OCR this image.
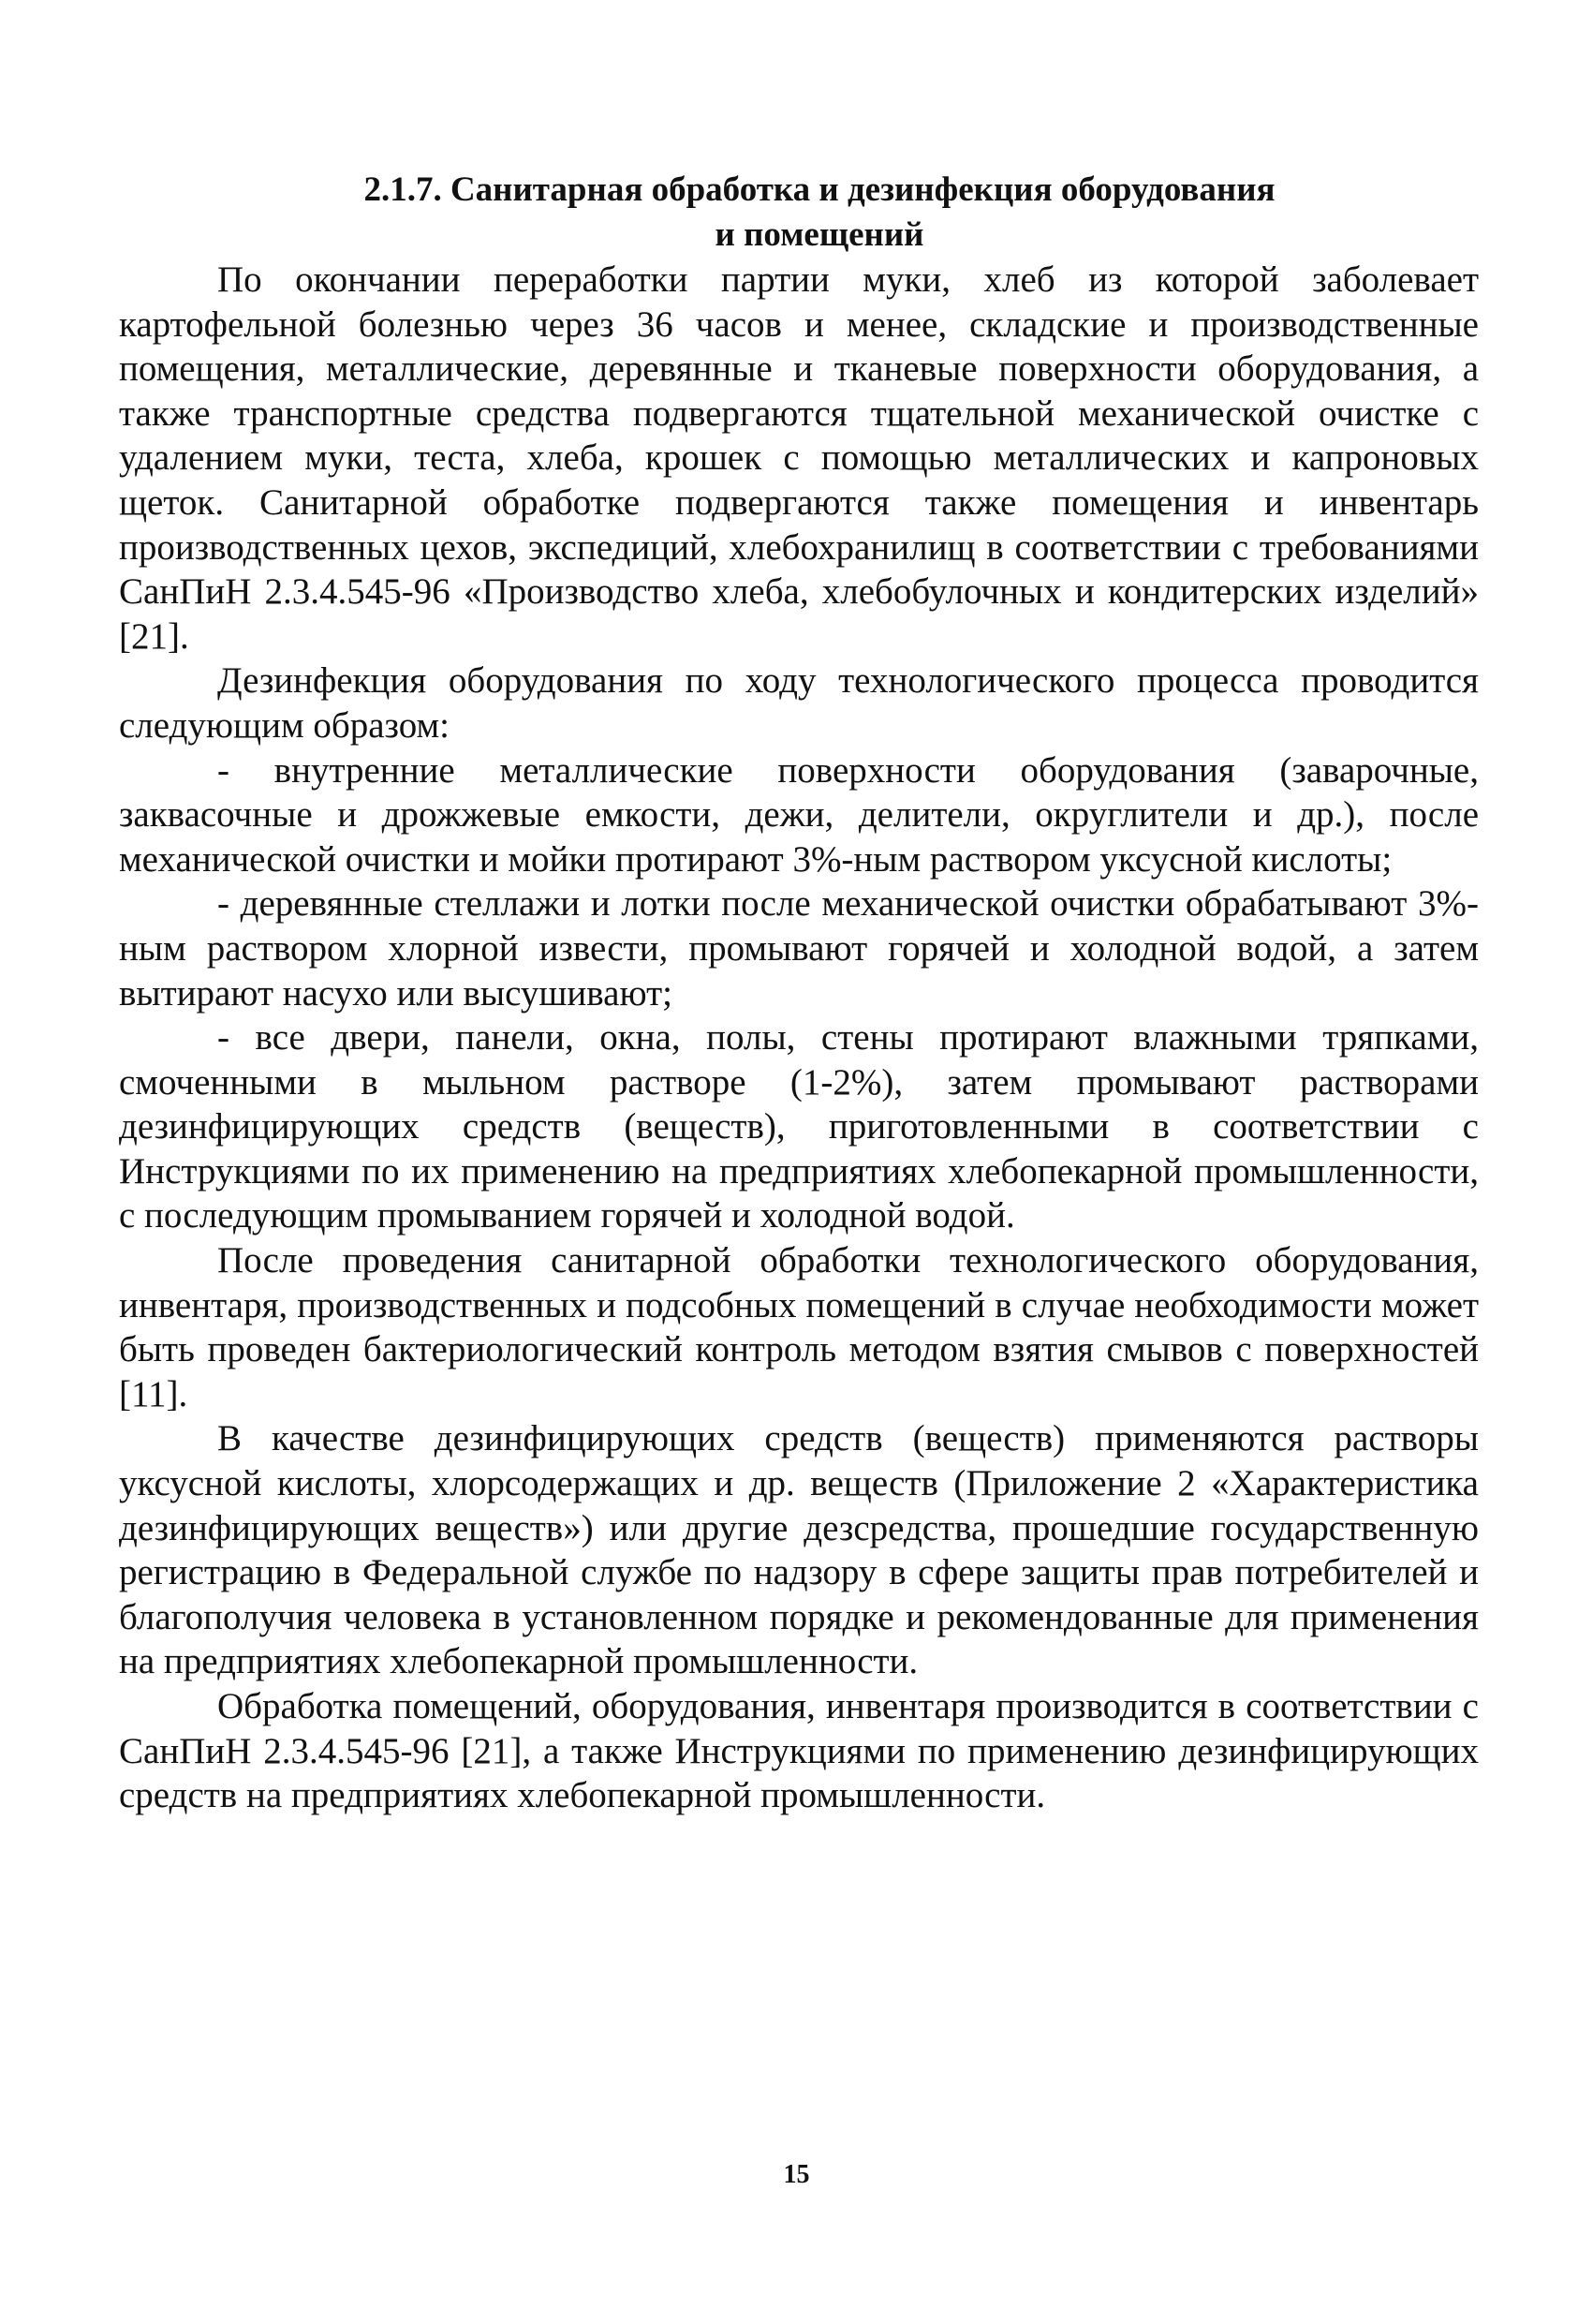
2.1.7. Санитарная обработка и дезинфекция оборудования
и помещений

По окончании переработки партии муки, хлеб из которой заболевает картофельной болезнью через 36 часов и менее, складские и производственные помещения, металлические, деревянные и тканевые поверхности оборудования, а также транспортные средства подвергаются тщательной механической очистке с удалением муки, теста, хлеба, крошек с помощью металлических и капроновых щеток. Санитарной обработке подвергаются также помещения и инвентарь производственных цехов, экспедиций, хлебохранилищ в соответствии с требованиями СанПиН 2.3.4.545-96 «Производство хлеба, хлебобулочных и кондитерских изделий» [21].

Дезинфекция оборудования по ходу технологического процесса проводится следующим образом:

- внутренние металлические поверхности оборудования (заварочные, заквасочные и дрожжевые емкости, дежи, делители, округлители и др.), после механической очистки и мойки протирают 3%-ным раствором уксусной кислоты;

- деревянные стеллажи и лотки после механической очистки обрабатывают 3%-ным раствором хлорной извести, промывают горячей и холодной водой, а затем вытирают насухо или высушивают;

- все двери, панели, окна, полы, стены протирают влажными тряпками, смоченными в мыльном растворе (1-2%), затем промывают растворами дезинфицирующих средств (веществ), приготовленными в соответствии с Инструкциями по их применению на предприятиях хлебопекарной промышленности, с последующим промыванием горячей и холодной водой.

После проведения санитарной обработки технологического оборудования, инвентаря, производственных и подсобных помещений в случае необходимости может быть проведен бактериологический контроль методом взятия смывов с поверхностей [11].

В качестве дезинфицирующих средств (веществ) применяются растворы уксусной кислоты, хлорсодержащих и др. веществ (Приложение 2 «Характеристика дезинфицирующих веществ») или другие дезсредства, прошедшие государственную регистрацию в Федеральной службе по надзору в сфере защиты прав потребителей и благополучия человека в установленном порядке и рекомендованные для применения на предприятиях хлебопекарной промышленности.

Обработка помещений, оборудования, инвентаря производится в соответствии с СанПиН 2.3.4.545-96 [21], а также Инструкциями по применению дезинфицирующих средств на предприятиях хлебопекарной промышленности.

15
